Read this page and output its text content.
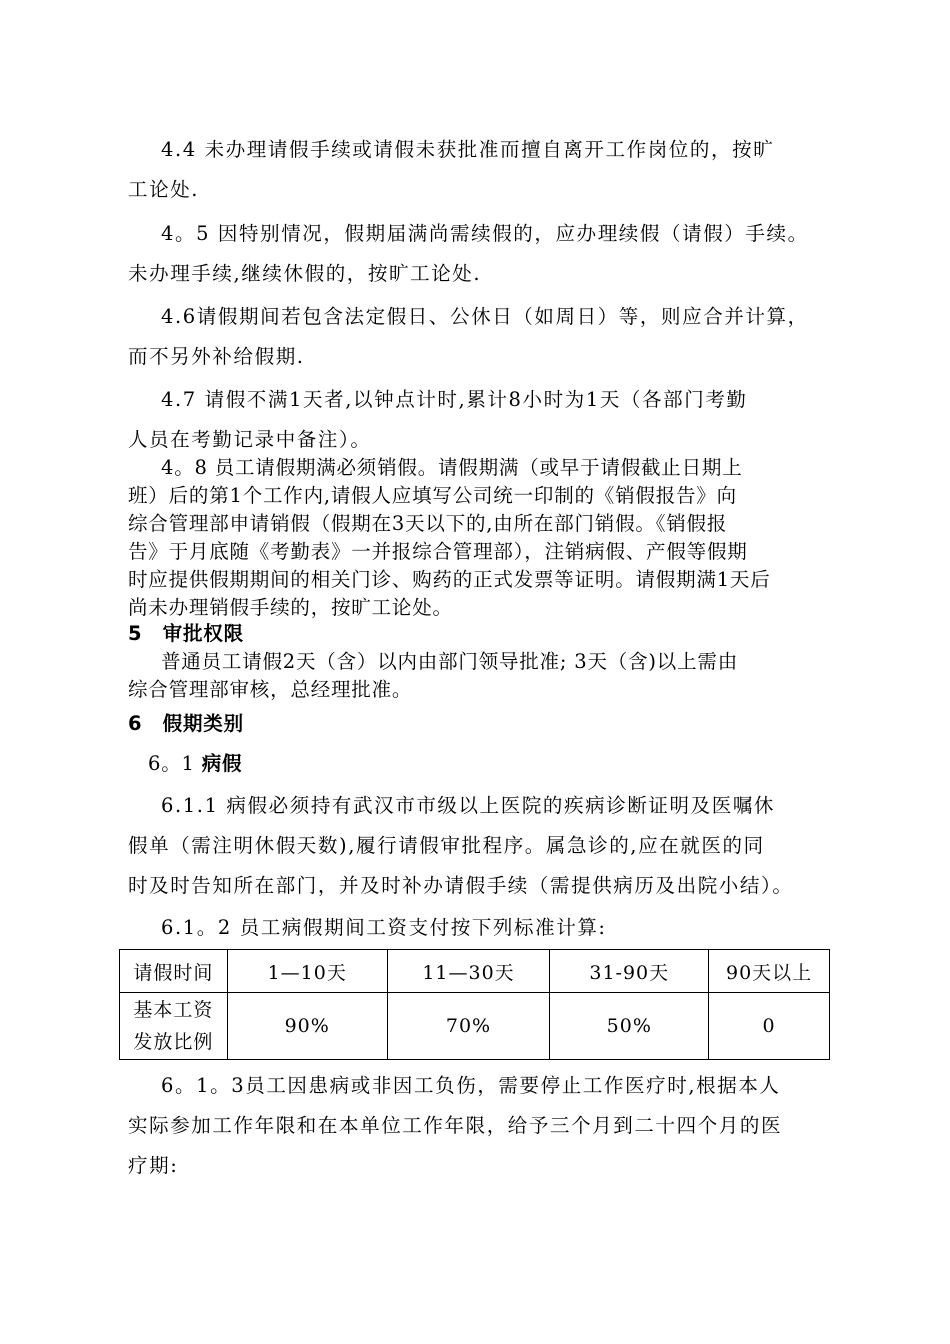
4.4 未办理请假手续或请假未获批准而擅自离开工作岗位的，按旷

工论处.

4。5 因特别情况，假期届满尚需续假的，应办理续假（请假）手续。

未办理手续,继续休假的，按旷工论处.

4.6请假期间若包含法定假日、公休日（如周日）等，则应合并计算，

而不另外补给假期.

4.7 请假不满1天者,以钟点计时,累计8小时为1天（各部门考勤

人员在考勤记录中备注）。

4。8 员工请假期满必须销假。请假期满（或早于请假截止日期上

班）后的第1个工作内,请假人应填写公司统一印制的《销假报告》向

综合管理部申请销假（假期在3天以下的,由所在部门销假。《销假报

告》于月底随《考勤表》一并报综合管理部），注销病假、产假等假期

时应提供假期期间的相关门诊、购药的正式发票等证明。请假期满1天后

尚未办理销假手续的，按旷工论处。

5　审批权限

普通员工请假2天（含）以内由部门领导批准; 3天（含)以上需由

综合管理部审核，总经理批准。

6　假期类别

6。1 病假

6.1.1 病假必须持有武汉市市级以上医院的疾病诊断证明及医嘱休

假单（需注明休假天数),履行请假审批程序。属急诊的,应在就医的同

时及时告知所在部门，并及时补办请假手续（需提供病历及出院小结）。

6.1。2 员工病假期间工资支付按下列标准计算:

请假时间	1—10天	11—30天	31-90天	90天以上

基本工资
发放比例	90%	70%	50%	0

6。1。3员工因患病或非因工负伤，需要停止工作医疗时,根据本人

实际参加工作年限和在本单位工作年限，给予三个月到二十四个月的医

疗期:
